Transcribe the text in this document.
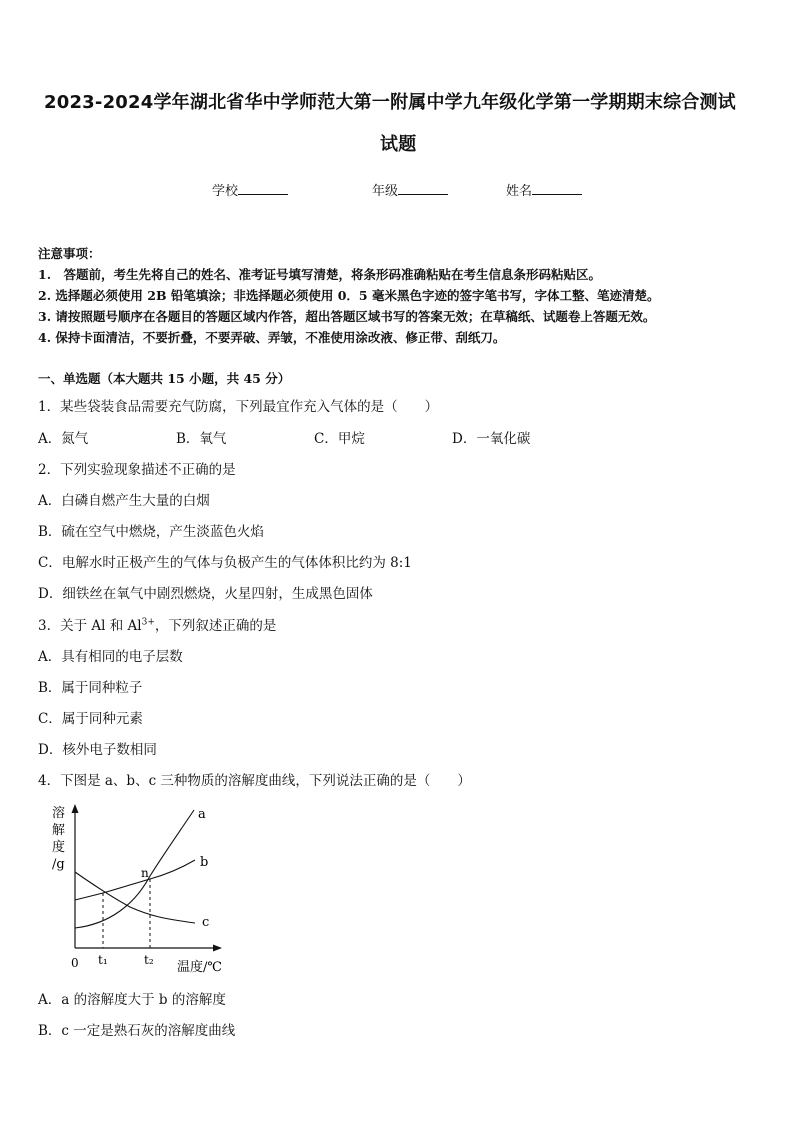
2023-2024学年湖北省华中学师范大第一附属中学九年级化学第一学期期末综合测试
试题
学校	年级	姓名
注意事项：
1.　答题前，考生先将自己的姓名、准考证号填写清楚，将条形码准确粘贴在考生信息条形码粘贴区。
2. 选择题必须使用 2B 铅笔填涂；非选择题必须使用 0．5 毫米黑色字迹的签字笔书写，字体工整、笔迹清楚。
3. 请按照题号顺序在各题目的答题区域内作答，超出答题区域书写的答案无效；在草稿纸、试题卷上答题无效。
4. 保持卡面清洁，不要折叠，不要弄破、弄皱，不准使用涂改液、修正带、刮纸刀。
一、单选题（本大题共 15 小题，共 45 分）
1．某些袋装食品需要充气防腐，下列最宜作充入气体的是（　　）
A．氮气	B．氧气	C．甲烷	D．一氧化碳
2．下列实验现象描述不正确的是
A．白磷自燃产生大量的白烟
B．硫在空气中燃烧，产生淡蓝色火焰
C．电解水时正极产生的气体与负极产生的气体体积比约为 8:1
D．细铁丝在氧气中剧烈燃烧，火星四射，生成黑色固体
3．关于 Al 和 $Al^{3+}$，下列叙述正确的是
A．具有相同的电子层数
B．属于同种粒子
C．属于同种元素
D．核外电子数相同
4．下图是 a、b、c 三种物质的溶解度曲线，下列说法正确的是（　　）
溶
解
度
/g
a
b
c
n
0 t₁	t₂ 温度/℃
A．a 的溶解度大于 b 的溶解度
B．c 一定是熟石灰的溶解度曲线
